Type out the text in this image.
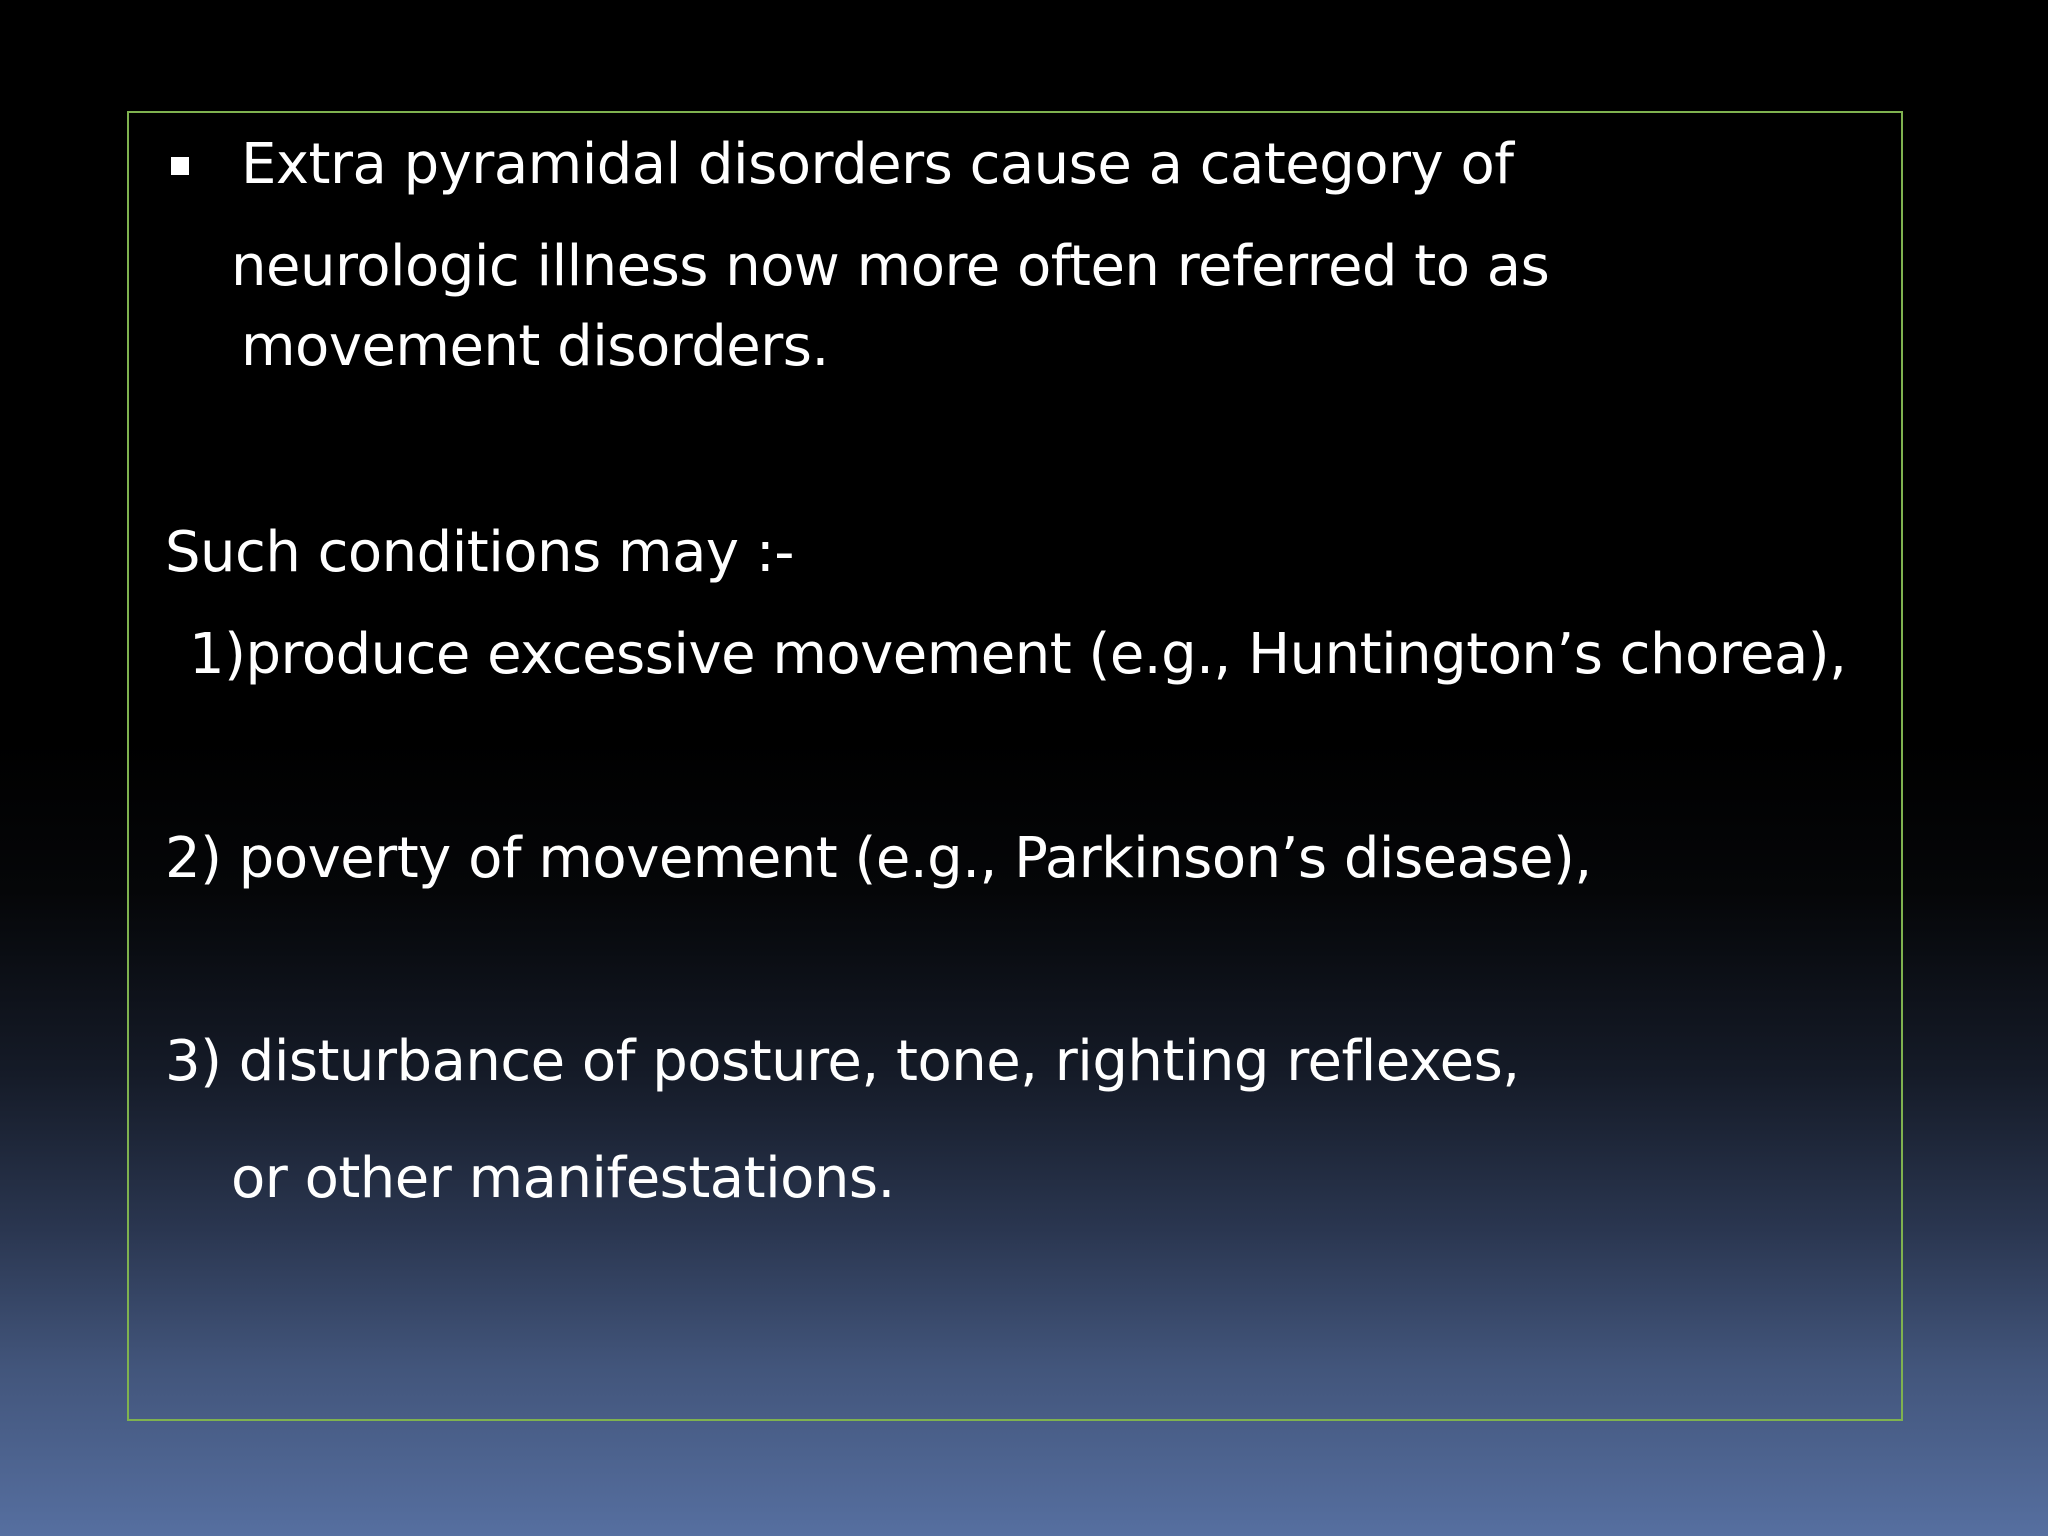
Extra pyramidal disorders cause a category of
neurologic illness now more often referred to as
movement disorders.
Such conditions may :-
1)produce excessive movement (e.g., Huntington’s chorea),
2) poverty of movement (e.g., Parkinson’s disease),
3) disturbance of posture, tone, righting reflexes,
or other manifestations.
